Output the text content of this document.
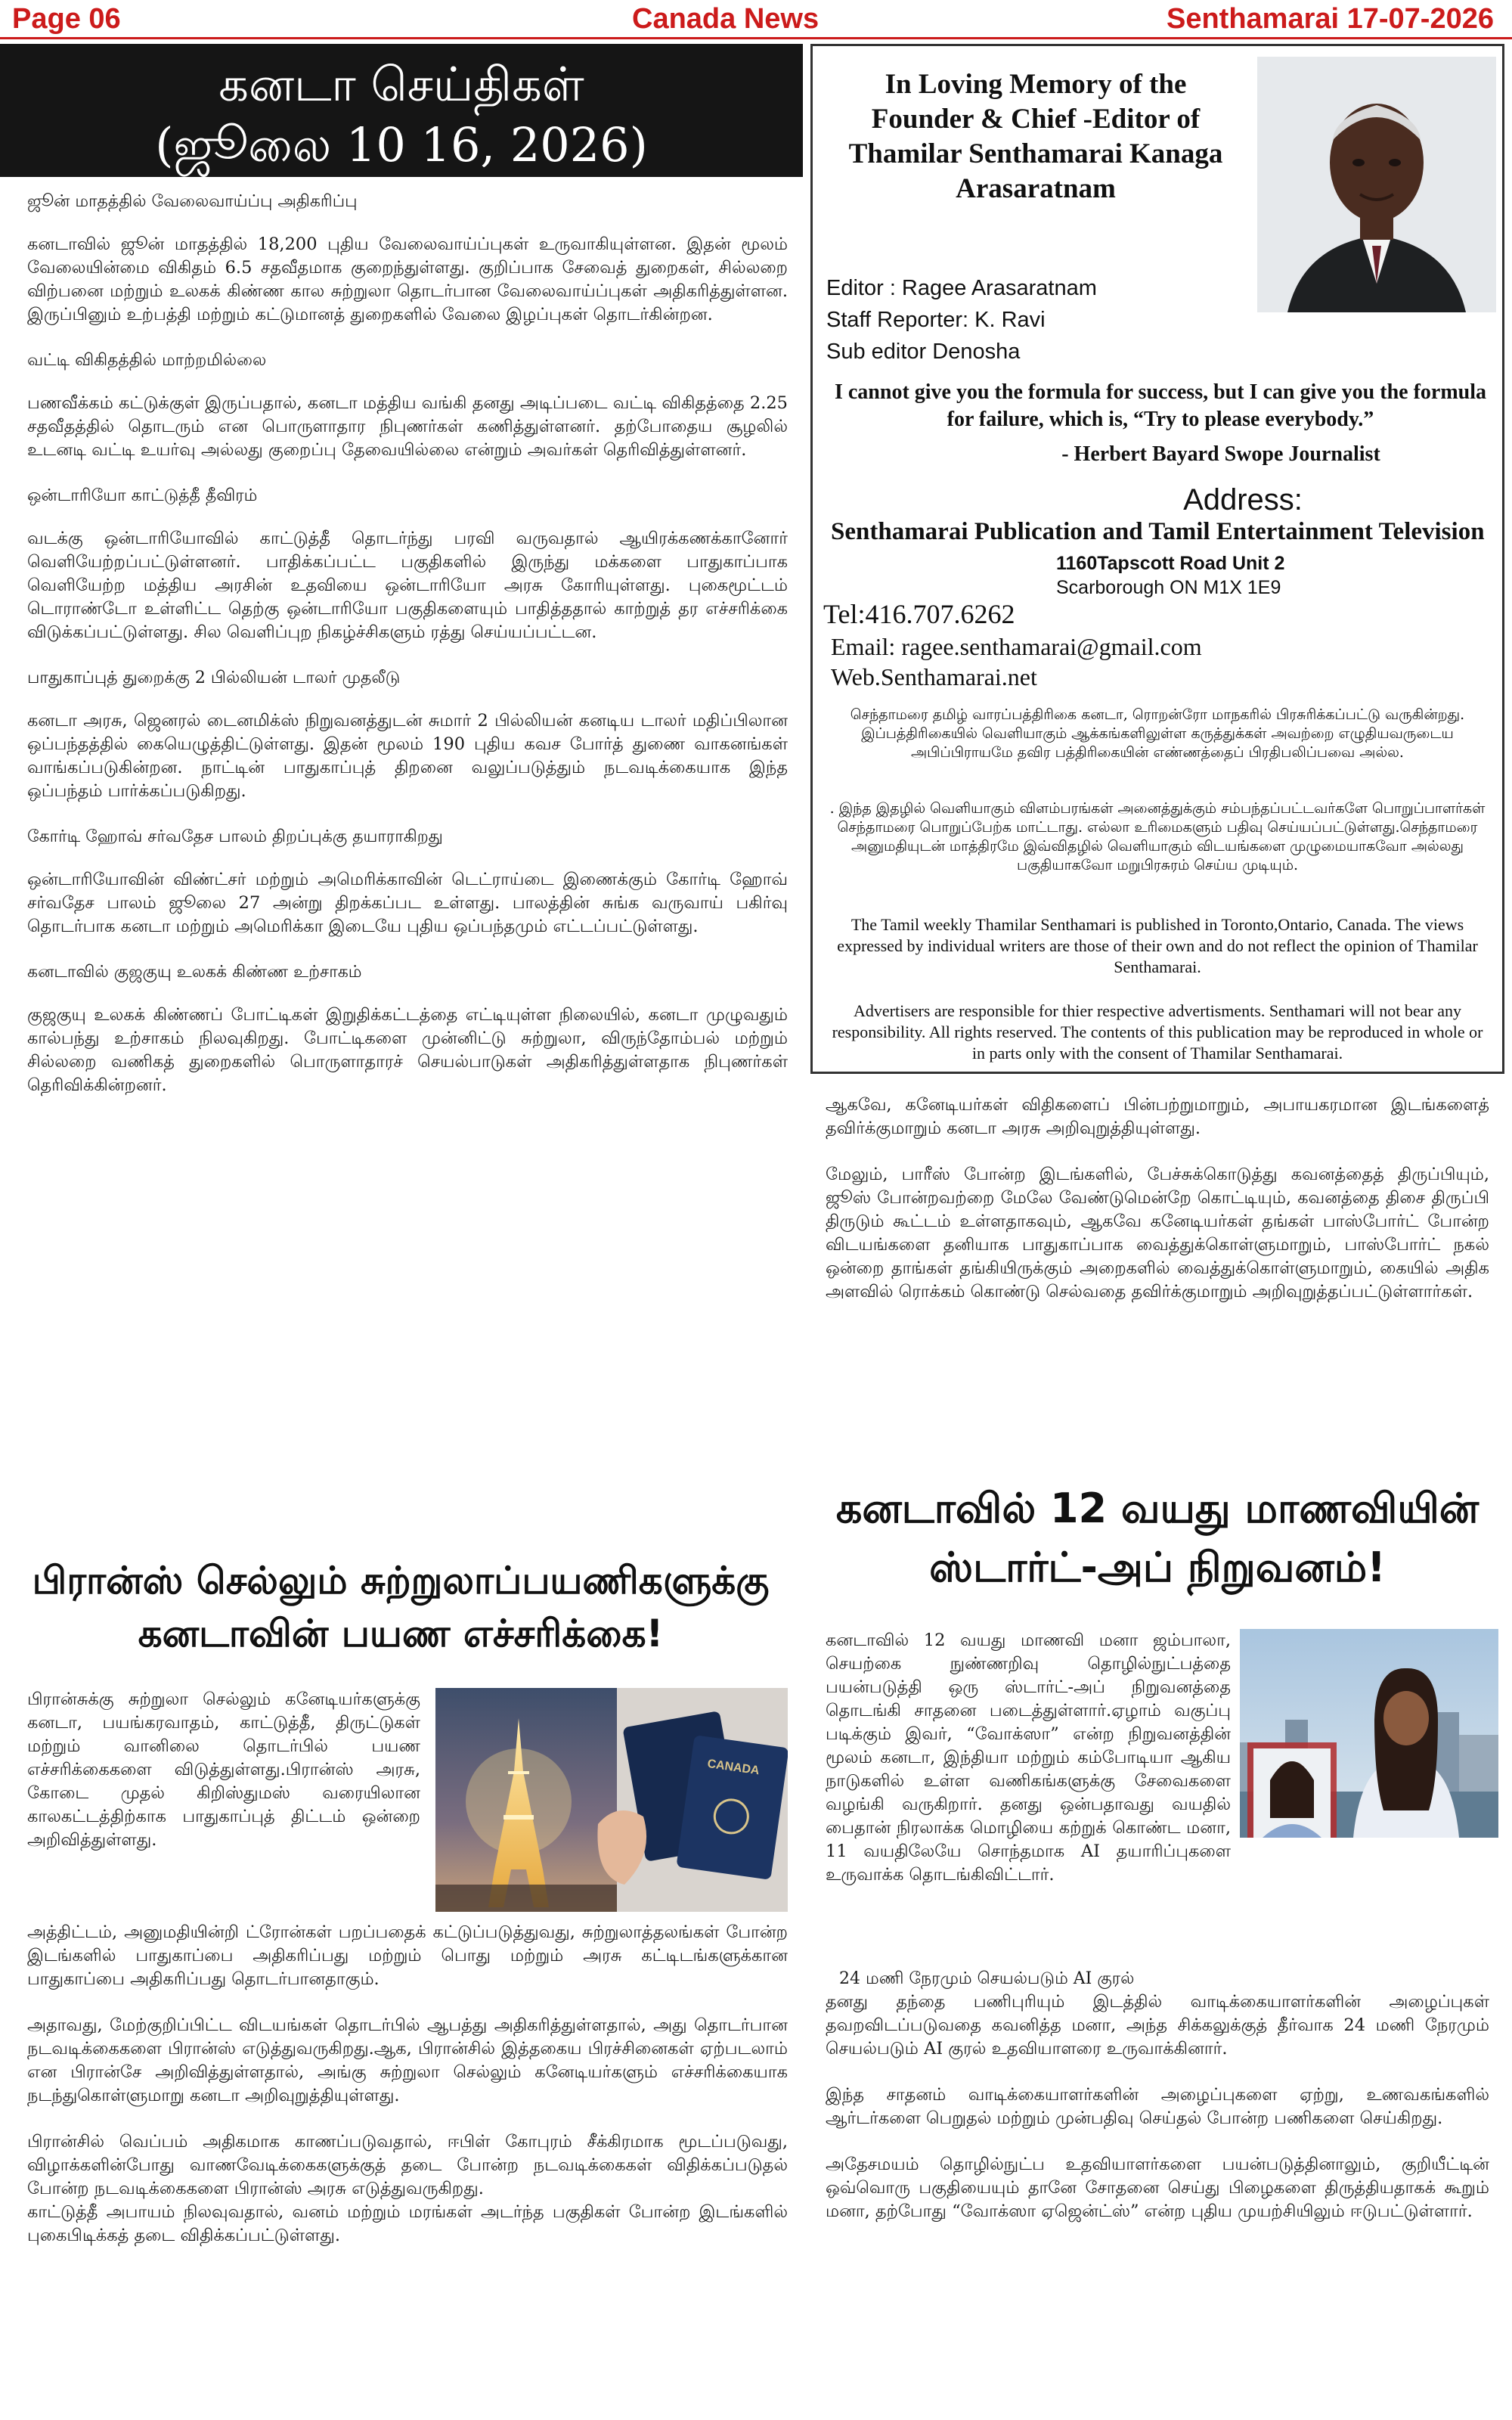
Page 06	Canada News	Senthamarai 17-07-2026
கனடா செய்திகள்
(ஜூலை 10 16, 2026)
ஜூன் மாதத்தில் வேலைவாய்ப்பு அதிகரிப்பு
கனடாவில் ஜூன் மாதத்தில் 18,200 புதிய வேலைவாய்ப்புகள் உருவாகியுள்ளன. இதன் மூலம் வேலையின்மை விகிதம் 6.5 சதவீதமாக குறைந்துள்ளது. குறிப்பாக சேவைத் துறைகள், சில்லறை விற்பனை மற்றும் உலகக் கிண்ண கால சுற்றுலா தொடர்பான வேலைவாய்ப்புகள் அதிகரித்துள்ளன. இருப்பினும் உற்பத்தி மற்றும் கட்டுமானத் துறைகளில் வேலை இழப்புகள் தொடர்கின்றன.
வட்டி விகிதத்தில் மாற்றமில்லை
பணவீக்கம் கட்டுக்குள் இருப்பதால், கனடா மத்திய வங்கி தனது அடிப்படை வட்டி விகிதத்தை 2.25 சதவீதத்தில் தொடரும் என பொருளாதார நிபுணர்கள் கணித்துள்ளனர். தற்போதைய சூழலில் உடனடி வட்டி உயர்வு அல்லது குறைப்பு தேவையில்லை என்றும் அவர்கள் தெரிவித்துள்ளனர்.
ஒன்டாரியோ காட்டுத்தீ தீவிரம்
வடக்கு ஒன்டாரியோவில் காட்டுத்தீ தொடர்ந்து பரவி வருவதால் ஆயிரக்கணக்கானோர் வெளியேற்றப்பட்டுள்ளனர். பாதிக்கப்பட்ட பகுதிகளில் இருந்து மக்களை பாதுகாப்பாக வெளியேற்ற மத்திய அரசின் உதவியை ஒன்டாரியோ அரசு கோரியுள்ளது. புகைமூட்டம் டொராண்டோ உள்ளிட்ட தெற்கு ஒன்டாரியோ பகுதிகளையும் பாதித்ததால் காற்றுத் தர எச்சரிக்கை விடுக்கப்பட்டுள்ளது. சில வெளிப்புற நிகழ்ச்சிகளும் ரத்து செய்யப்பட்டன.
பாதுகாப்புத் துறைக்கு 2 பில்லியன் டாலர் முதலீடு
கனடா அரசு, ஜெனரல் டைனமிக்ஸ் நிறுவனத்துடன் சுமார் 2 பில்லியன் கனடிய டாலர் மதிப்பிலான ஒப்பந்தத்தில் கையெழுத்திட்டுள்ளது. இதன் மூலம் 190 புதிய கவச போர்த் துணை வாகனங்கள் வாங்கப்படுகின்றன. நாட்டின் பாதுகாப்புத் திறனை வலுப்படுத்தும் நடவடிக்கையாக இந்த ஒப்பந்தம் பார்க்கப்படுகிறது.
கோர்டி ஹோவ் சர்வதேச பாலம் திறப்புக்கு தயாராகிறது
ஒன்டாரியோவின் விண்ட்சர் மற்றும் அமெரிக்காவின் டெட்ராய்டை இணைக்கும் கோர்டி ஹோவ் சர்வதேச பாலம் ஜூலை 27 அன்று திறக்கப்பட உள்ளது. பாலத்தின் சுங்க வருவாய் பகிர்வு தொடர்பாக கனடா மற்றும் அமெரிக்கா இடையே புதிய ஒப்பந்தமும் எட்டப்பட்டுள்ளது.
கனடாவில் குஜகுயு உலகக் கிண்ண உற்சாகம்
குஜகுயு உலகக் கிண்ணப் போட்டிகள் இறுதிக்கட்டத்தை எட்டியுள்ள நிலையில், கனடா முழுவதும் கால்பந்து உற்சாகம் நிலவுகிறது. போட்டிகளை முன்னிட்டு சுற்றுலா, விருந்தோம்பல் மற்றும் சில்லறை வணிகத் துறைகளில் பொருளாதாரச் செயல்பாடுகள் அதிகரித்துள்ளதாக நிபுணர்கள் தெரிவிக்கின்றனர்.
பிரான்ஸ் செல்லும் சுற்றுலாப்பயணிகளுக்கு
கனடாவின் பயண எச்சரிக்கை!
பிரான்சுக்கு சுற்றுலா செல்லும் கனேடியர்களுக்கு கனடா, பயங்கரவாதம், காட்டுத்தீ, திருட்டுகள் மற்றும் வானிலை தொடர்பில் பயண எச்சரிக்கைகளை விடுத்துள்ளது.பிரான்ஸ் அரசு, கோடை முதல் கிறிஸ்துமஸ் வரையிலான காலகட்டத்திற்காக பாதுகாப்புத் திட்டம் ஒன்றை அறிவித்துள்ளது.
CANADA
அத்திட்டம், அனுமதியின்றி ட்ரோன்கள் பறப்பதைக் கட்டுப்படுத்துவது, சுற்றுலாத்தலங்கள் போன்ற இடங்களில் பாதுகாப்பை அதிகரிப்பது மற்றும் பொது மற்றும் அரசு கட்டிடங்களுக்கான பாதுகாப்பை அதிகரிப்பது தொடர்பானதாகும்.
அதாவது, மேற்குறிப்பிட்ட விடயங்கள் தொடர்பில் ஆபத்து அதிகரித்துள்ளதால், அது தொடர்பான நடவடிக்கைகளை பிரான்ஸ் எடுத்துவருகிறது.ஆக, பிரான்சில் இத்தகைய பிரச்சினைகள் ஏற்படலாம் என பிரான்சே அறிவித்துள்ளதால், அங்கு சுற்றுலா செல்லும் கனேடியர்களும் எச்சரிக்கையாக நடந்துகொள்ளுமாறு கனடா அறிவுறுத்தியுள்ளது.
பிரான்சில் வெப்பம் அதிகமாக காணப்படுவதால், ஈபிள் கோபுரம் சீக்கிரமாக மூடப்படுவது, விழாக்களின்போது வாணவேடிக்கைகளுக்குத் தடை போன்ற நடவடிக்கைகள் விதிக்கப்படுதல் போன்ற நடவடிக்கைகளை பிரான்ஸ் அரசு எடுத்துவருகிறது.
காட்டுத்தீ அபாயம் நிலவுவதால், வனம் மற்றும் மரங்கள் அடர்ந்த பகுதிகள் போன்ற இடங்களில் புகைபிடிக்கத் தடை விதிக்கப்பட்டுள்ளது.
In Loving Memory of the Founder & Chief -Editor of Thamilar Senthamarai Kanaga Arasaratnam
Editor : Ragee Arasaratnam
Staff Reporter: K. Ravi
Sub editor Denosha
I cannot give you the formula for success, but I can give you the formula for failure, which is, “Try to please everybody.”
- Herbert Bayard Swope Journalist
Address:
Senthamarai Publication and Tamil Entertainment Television
1160Tapscott Road Unit 2
Scarborough ON M1X 1E9
Tel:416.707.6262
Email: ragee.senthamarai@gmail.com
Web.Senthamarai.net
செந்தாமரை தமிழ் வாரப்பத்திரிகை கனடா, ரொறன்ரோ மாநகரில் பிரசுரிக்கப்பட்டு வருகின்றது. இப்பத்திரிகையில் வெளியாகும் ஆக்கங்களிலுள்ள கருத்துக்கள் அவற்றை எழுதியவருடைய அபிப்பிராயமே தவிர பத்திரிகையின் எண்ணத்தைப் பிரதிபலிப்பவை அல்ல.
. இந்த இதழில் வெளியாகும் விளம்பரங்கள் அனைத்துக்கும் சம்பந்தப்பட்டவர்களே பொறுப்பாளர்கள் செந்தாமரை பொறுப்பேற்க மாட்டாது. எல்லா உரிமைகளும் பதிவு செய்யப்பட்டுள்ளது.செந்தாமரை அனுமதியுடன் மாத்திரமே இவ்விதழில் வெளியாகும் விடயங்களை முழுமையாகவோ அல்லது பகுதியாகவோ மறுபிரசுரம் செய்ய முடியும்.
The Tamil weekly Thamilar Senthamari is published in Toronto,Ontario, Canada. The views expressed by individual writers are those of their own and do not reflect the opinion of Thamilar Senthamarai.
Advertisers are responsible for thier respective advertisments. Senthamari will not bear any responsibility. All rights reserved. The contents of this publication may be reproduced in whole or in parts only with the consent of Thamilar Senthamarai.
ஆகவே, கனேடியர்கள் விதிகளைப் பின்பற்றுமாறும், அபாயகரமான இடங்களைத் தவிர்க்குமாறும் கனடா அரசு அறிவுறுத்தியுள்ளது.
மேலும், பாரீஸ் போன்ற இடங்களில், பேச்சுக்கொடுத்து கவனத்தைத் திருப்பியும், ஜூஸ் போன்றவற்றை மேலே வேண்டுமென்றே கொட்டியும், கவனத்தை திசை திருப்பி திருடும் கூட்டம் உள்ளதாகவும், ஆகவே கனேடியர்கள் தங்கள் பாஸ்போர்ட் போன்ற விடயங்களை தனியாக பாதுகாப்பாக வைத்துக்கொள்ளுமாறும், பாஸ்போர்ட் நகல் ஒன்றை தாங்கள் தங்கியிருக்கும் அறைகளில் வைத்துக்கொள்ளுமாறும், கையில் அதிக அளவில் ரொக்கம் கொண்டு செல்வதை தவிர்க்குமாறும் அறிவுறுத்தப்பட்டுள்ளார்கள்.
கனடாவில் 12 வயது மாணவியின்
ஸ்டார்ட்-அப் நிறுவனம்!
கனடாவில் 12 வயது மாணவி மனா ஜம்பாலா, செயற்கை நுண்ணறிவு தொழில்நுட்பத்தை பயன்படுத்தி ஒரு ஸ்டார்ட்-அப் நிறுவனத்தை தொடங்கி சாதனை படைத்துள்ளார்.ஏழாம் வகுப்பு படிக்கும் இவர், “வோக்ஸா” என்ற நிறுவனத்தின் மூலம் கனடா, இந்தியா மற்றும் கம்போடியா ஆகிய நாடுகளில் உள்ள வணிகங்களுக்கு சேவைகளை வழங்கி வருகிறார். தனது ஒன்பதாவது வயதில் பைதான் நிரலாக்க மொழியை கற்றுக் கொண்ட மனா, 11 வயதிலேயே சொந்தமாக AI தயாரிப்புகளை உருவாக்க தொடங்கிவிட்டார்.
24 மணி நேரமும் செயல்படும் AI குரல்
தனது தந்தை பணிபுரியும் இடத்தில் வாடிக்கையாளர்களின் அழைப்புகள் தவறவிடப்படுவதை கவனித்த மனா, அந்த சிக்கலுக்குத் தீர்வாக 24 மணி நேரமும் செயல்படும் AI குரல் உதவியாளரை உருவாக்கினார்.
இந்த சாதனம் வாடிக்கையாளர்களின் அழைப்புகளை ஏற்று, உணவகங்களில் ஆர்டர்களை பெறுதல் மற்றும் முன்பதிவு செய்தல் போன்ற பணிகளை செய்கிறது.
அதேசமயம் தொழில்நுட்ப உதவியாளர்களை பயன்படுத்தினாலும், குறியீட்டின் ஒவ்வொரு பகுதியையும் தானே சோதனை செய்து பிழைகளை திருத்தியதாகக் கூறும் மனா, தற்போது “வோக்ஸா ஏஜென்ட்ஸ்” என்ற புதிய முயற்சியிலும் ஈடுபட்டுள்ளார்.
